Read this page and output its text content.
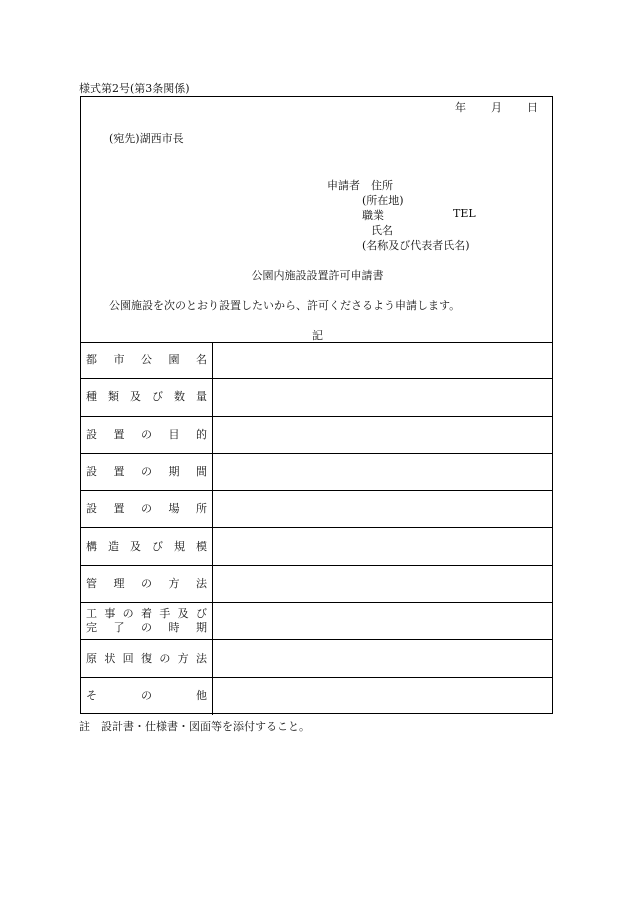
様式第2号(第3条関係)
年 月 日
(宛先)湖西市長
申請者 住所
(所在地)
職業	TEL
氏名
(名称及び代表者氏名)
公園内施設設置許可申請書
公園施設を次のとおり設置したいから、許可くださるよう申請します。
記
都 市 公 園 名
種 類 及 び 数 量
設 置 の 目 的
設 置 の 期 間
設 置 の 場 所
構 造 及 び 規 模
管 理 の 方 法
工 事 の 着 手 及 び
完 了 の 時 期
原 状 回 復 の 方 法
そ	の	他
註　設計書・仕様書・図面等を添付すること。
